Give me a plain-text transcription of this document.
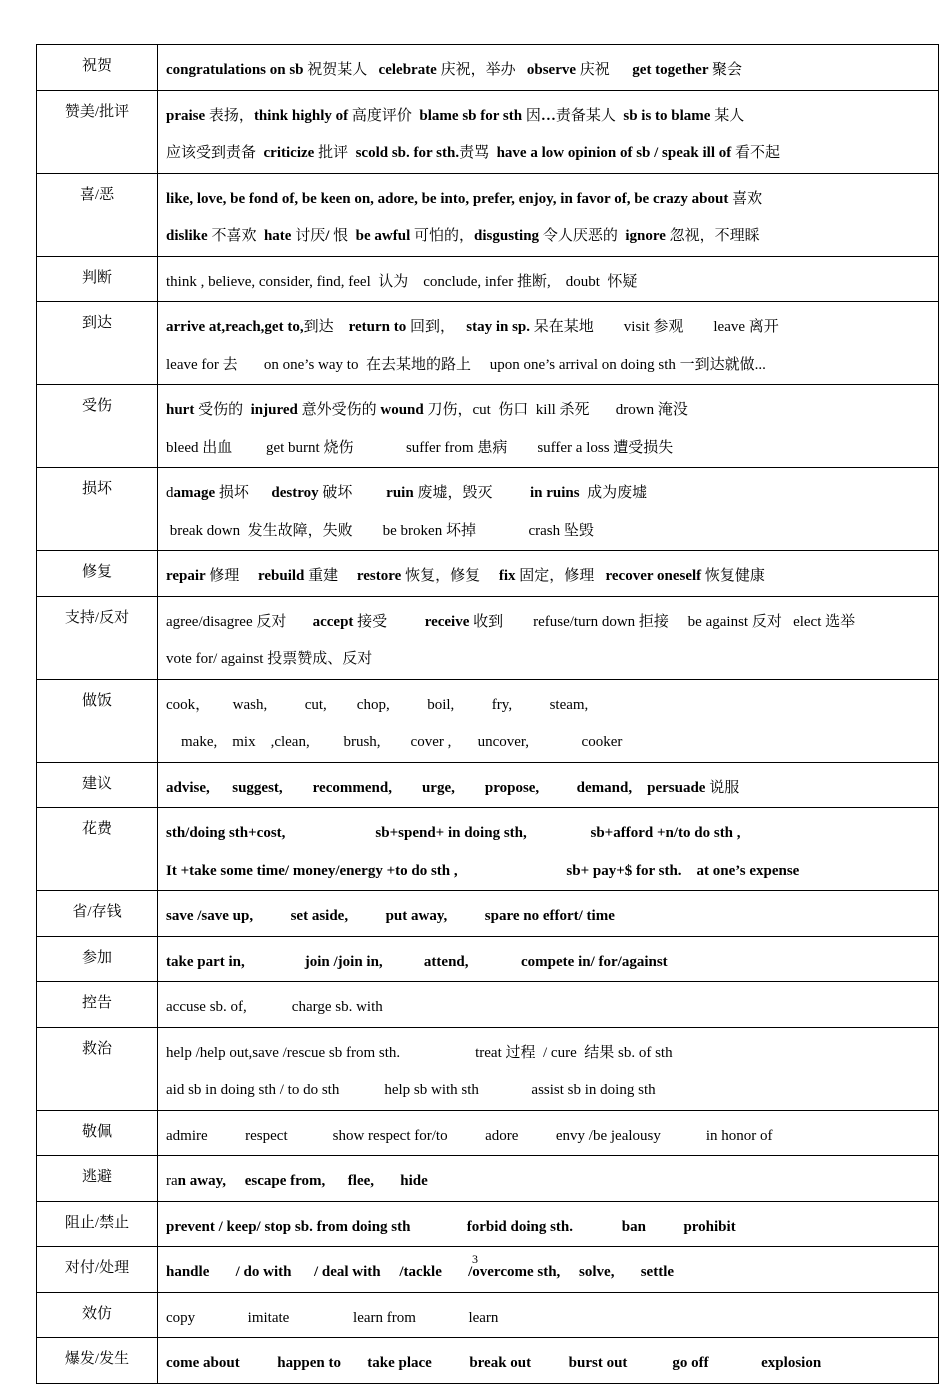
祝贺	congratulations on sb 祝贺某人   celebrate 庆祝，举办   observe 庆祝      get together 聚会

赞美/批评	praise 表扬，think highly of 高度评价  blame sb for sth 因…责备某人  sb is to blame 某人
应该受到责备  criticize 批评  scold sb. for sth.责骂  have a low opinion of sb / speak ill of 看不起

喜/恶	like, love, be fond of, be keen on, adore, be into, prefer, enjoy, in favor of, be crazy about 喜欢
dislike 不喜欢  hate 讨厌/ 恨  be awful 可怕的，disgusting 令人厌恶的  ignore 忽视，不理睬

判断	think , believe, consider, find, feel  认为    conclude, infer 推断,    doubt  怀疑

到达	arrive at,reach,get to,到达    return to 回到，   stay in sp. 呆在某地        visit 参观        leave 离开
leave for 去       on one’s way to  在去某地的路上     upon one’s arrival on doing sth 一到达就做...

受伤	hurt 受伤的  injured 意外受伤的 wound 刀伤，cut  伤口  kill 杀死       drown 淹没
bleed 出血         get burnt 烧伤              suffer from 患病        suffer a loss 遭受损失

损坏	damage 损坏      destroy 破坏         ruin 废墟，毁灭          in ruins  成为废墟
break down  发生故障，失败        be broken 坏掉              crash 坠毁

修复	repair 修理     rebuild 重建     restore 恢复，修复     fix 固定，修理   recover oneself 恢复健康

支持/反对	agree/disagree 反对       accept 接受          receive 收到        refuse/turn down 拒接     be against 反对   elect 选举
vote for/ against 投票赞成、反对

做饭	cook，      wash,          cut,        chop,          boil,          fry,          steam,
make,    mix    ,clean,         brush,        cover ,       uncover,              cooker

建议	advise,      suggest,        recommend,        urge,        propose,          demand,    persuade 说服

花费	sth/doing sth+cost,                        sb+spend+ in doing sth,                 sb+afford +n/to do sth ,
It +take some time/ money/energy +to do sth ,                             sb+ pay+$ for sth.    at one’s expense

省/存钱	save /save up,          set aside,          put away,          spare no effort/ time

参加	take part in,                join /join in,           attend,              compete in/ for/against

控告	accuse sb. of,            charge sb. with

救治	help /help out,save /rescue sb from sth.                    treat 过程  / cure  结果 sb. of sth
aid sb in doing sth / to do sth            help sb with sth              assist sb in doing sth

敬佩	admire          respect            show respect for/to          adore          envy /be jealousy            in honor of

逃避	ran away,     escape from,      flee,       hide

阻止/禁止	prevent / keep/ stop sb. from doing sth               forbid doing sth.             ban          prohibit

对付/处理	handle       / do with      / deal with     /tackle       /overcome sth,     solve,       settle

效仿	copy              imitate                 learn from              learn

爆发/发生	come about          happen to       take place          break out          burst out            go off              explosion
3
